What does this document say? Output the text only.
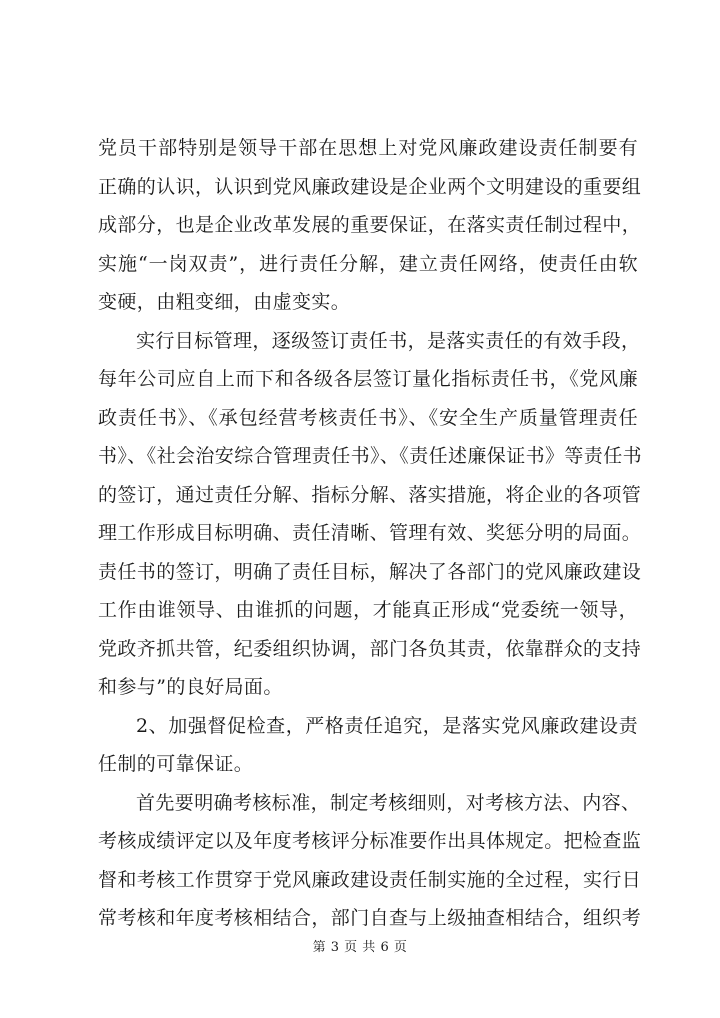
党员干部特别是领导干部在思想上对党风廉政建设责任制要有
正确的认识，认识到党风廉政建设是企业两个文明建设的重要组
成部分，也是企业改革发展的重要保证，在落实责任制过程中，
实施“一岗双责”，进行责任分解，建立责任网络，使责任由软
变硬，由粗变细，由虚变实。
实行目标管理，逐级签订责任书，是落实责任的有效手段，
每年公司应自上而下和各级各层签订量化指标责任书，《党风廉
政责任书》、《承包经营考核责任书》、《安全生产质量管理责任
书》、《社会治安综合管理责任书》、《责任述廉保证书》等责任书
的签订，通过责任分解、指标分解、落实措施，将企业的各项管
理工作形成目标明确、责任清晰、管理有效、奖惩分明的局面。
责任书的签订，明确了责任目标，解决了各部门的党风廉政建设
工作由谁领导、由谁抓的问题，才能真正形成“党委统一领导，
党政齐抓共管，纪委组织协调，部门各负其责，依靠群众的支持
和参与”的良好局面。
2、加强督促检查，严格责任追究，是落实党风廉政建设责
任制的可靠保证。
首先要明确考核标准，制定考核细则，对考核方法、内容、
考核成绩评定以及年度考核评分标准要作出具体规定。把检查监
督和考核工作贯穿于党风廉政建设责任制实施的全过程，实行日
常考核和年度考核相结合，部门自查与上级抽查相结合，组织考
第 3 页 共 6 页
